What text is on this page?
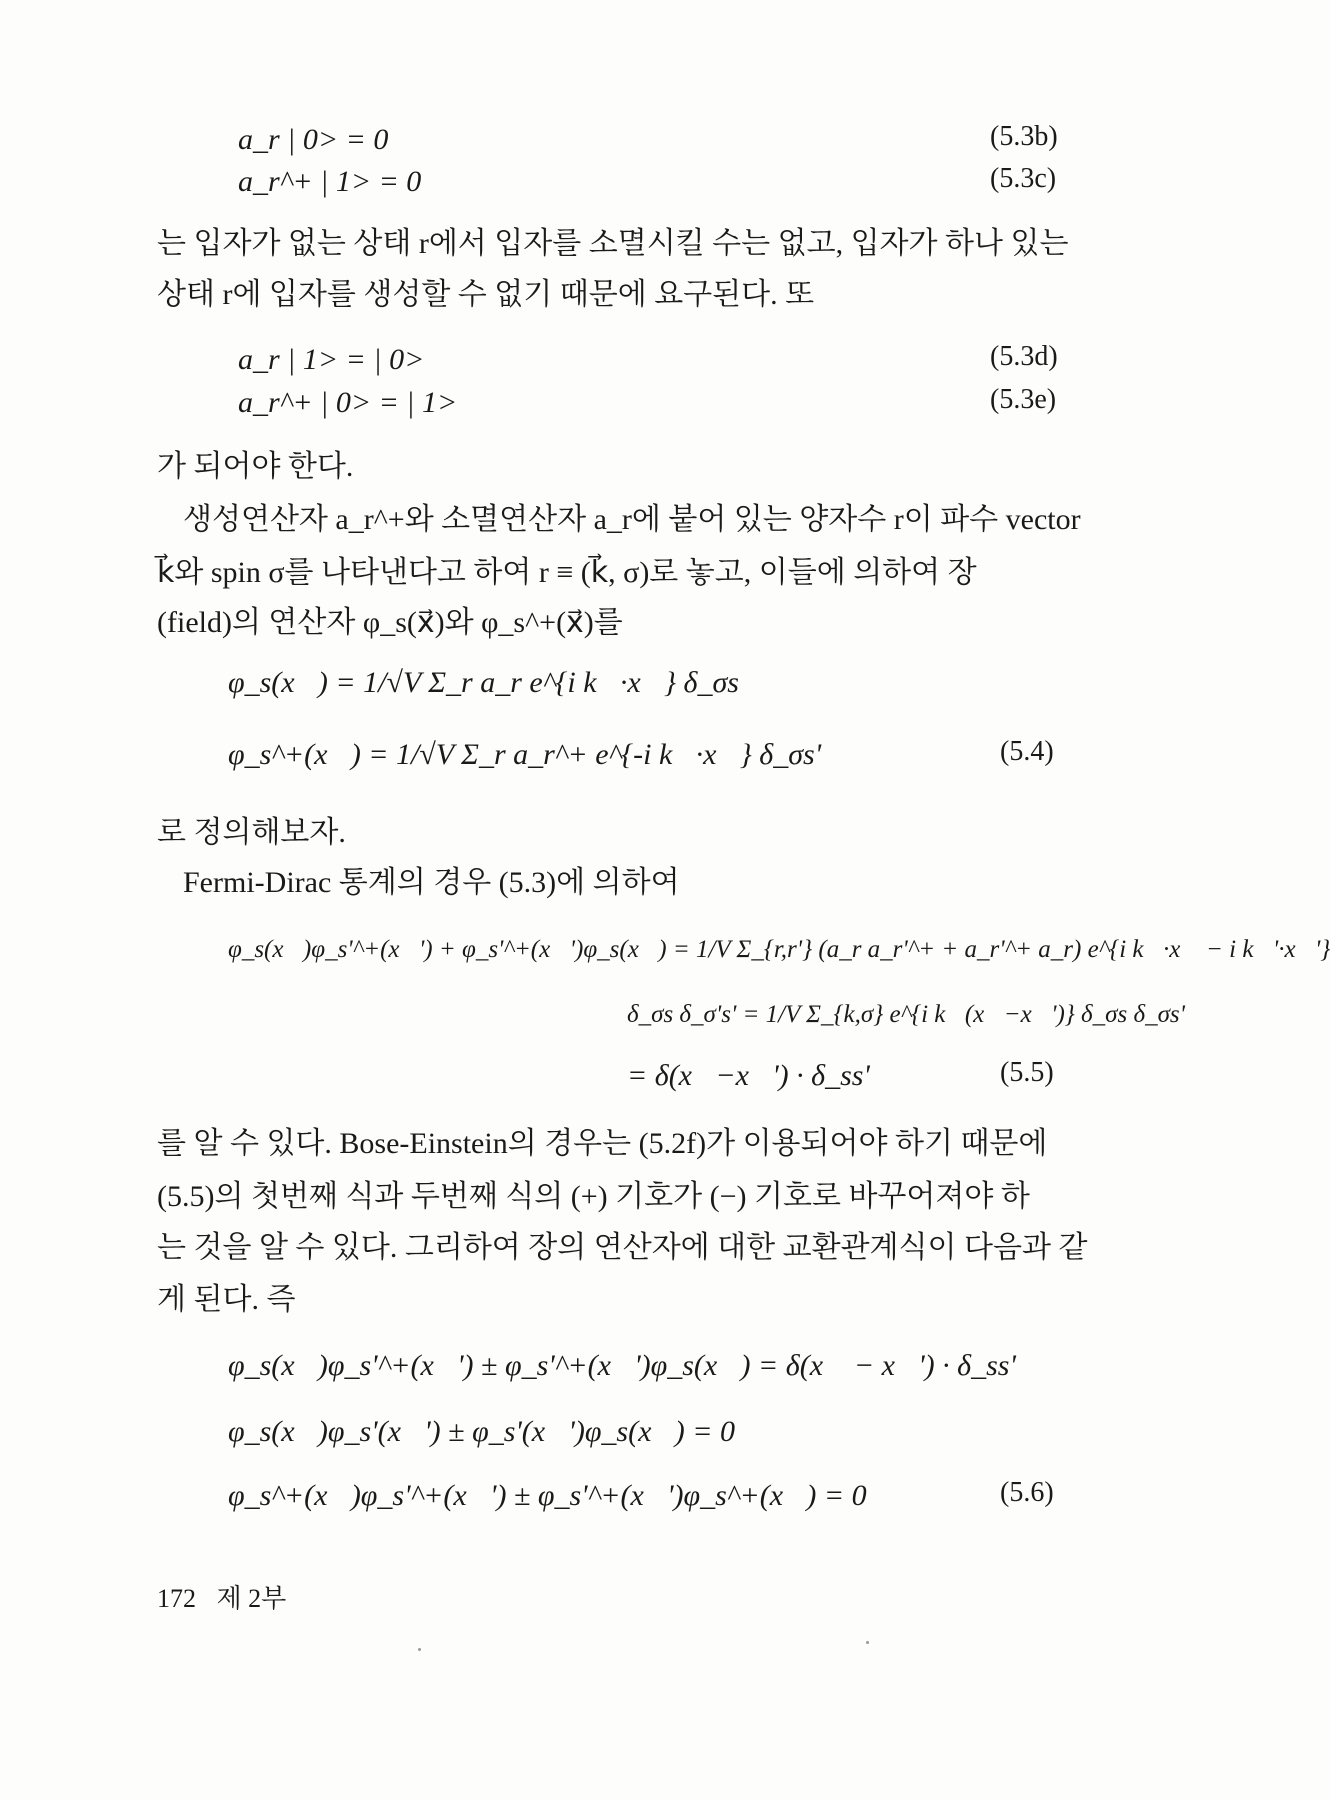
a_r | 0> = 0	(5.3b)
a_r^+ | 1> = 0	(5.3c)
는 입자가 없는 상태 r에서 입자를 소멸시킬 수는 없고, 입자가 하나 있는
상태 r에 입자를 생성할 수 없기 때문에 요구된다. 또
a_r | 1> = | 0>	(5.3d)
a_r^+ | 0> = | 1>	(5.3e)
가 되어야 한다.
생성연산자 a_r^+와 소멸연산자 a_r에 붙어 있는 양자수 r이 파수 vector
k⃗와 spin σ를 나타낸다고 하여 r ≡ (k⃗, σ)로 놓고, 이들에 의하여 장
(field)의 연산자 φ_s(x⃗)와 φ_s^+(x⃗)를
φ_s(x⃗) = 1/√V Σ_r a_r e^{i k⃗·x⃗} δ_σs
φ_s^+(x⃗) = 1/√V Σ_r a_r^+ e^{-i k⃗·x⃗} δ_σs'	(5.4)
로 정의해보자.
Fermi-Dirac 통계의 경우 (5.3)에 의하여
φ_s(x⃗)φ_s'^+(x⃗') + φ_s'^+(x⃗')φ_s(x⃗) = 1/V Σ_{r,r'} (a_r a_r'^+ + a_r'^+ a_r) e^{i k⃗·x⃗ − i k⃗'·x⃗'}
δ_σs δ_σ's' = 1/V Σ_{k,σ} e^{i k⃗(x⃗−x⃗')} δ_σs δ_σs'
= δ(x⃗−x⃗') · δ_ss'	(5.5)
를 알 수 있다. Bose-Einstein의 경우는 (5.2f)가 이용되어야 하기 때문에
(5.5)의 첫번째 식과 두번째 식의 (+) 기호가 (−) 기호로 바꾸어져야 하
는 것을 알 수 있다. 그리하여 장의 연산자에 대한 교환관계식이 다음과 같
게 된다. 즉
φ_s(x⃗)φ_s'^+(x⃗') ± φ_s'^+(x⃗')φ_s(x⃗) = δ(x⃗ − x⃗') · δ_ss'
φ_s(x⃗)φ_s'(x⃗') ± φ_s'(x⃗')φ_s(x⃗) = 0
φ_s^+(x⃗)φ_s'^+(x⃗') ± φ_s'^+(x⃗')φ_s^+(x⃗) = 0	(5.6)
172 제 2부
